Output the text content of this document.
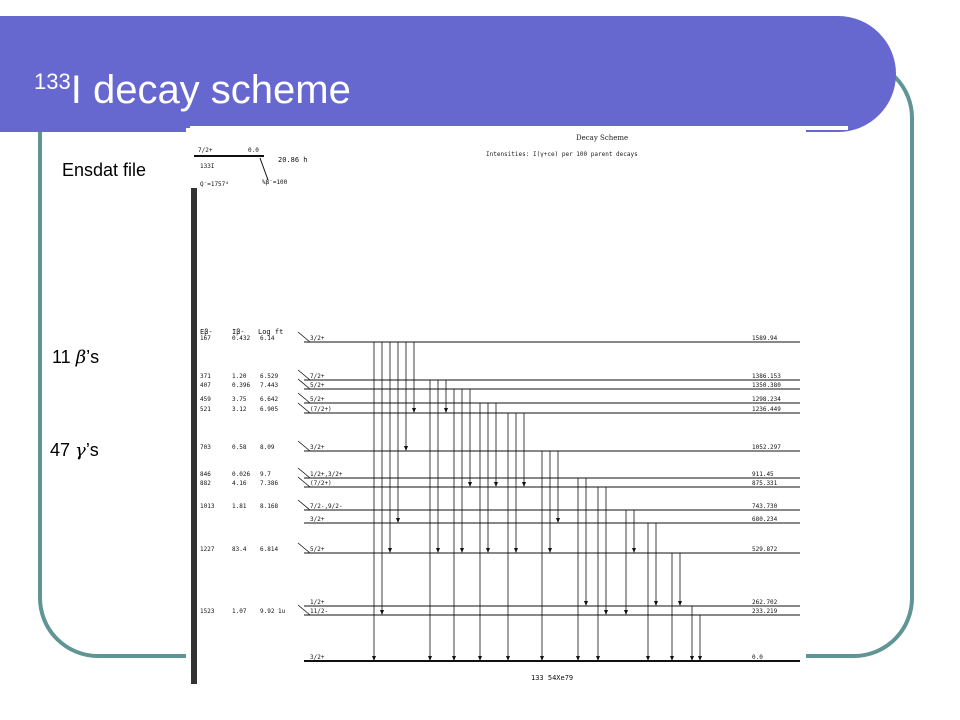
$^{133}$I decay scheme
Ensdat file
11 β’s
47 γ’s
Decay Scheme
Intensities: I(γ+ce) per 100 parent decays
7/2+	0.0
20.86 h
133I
Q⁻=1757⁴	%β⁻=100
Eβ-	Iβ- Log ft
167	0.432 6.14
371	1.20 6.529
407	0.396 7.443
459	3.75 6.642
521	3.12 6.905
703	0.58 8.09
846	0.026 9.7
882	4.16 7.386
1013	1.81 8.168
1227	83.4 6.814
1523	1.07 9.92 1u
3/2+	1589.94
7/2+	1386.153
5/2+	1350.380
5/2+	1298.234
(7/2+)	1236.449
3/2+	1052.297
1/2+,3/2+	911.45
(7/2+)	875.331
7/2-,9/2-	743.730
3/2+	680.234
5/2+	529.872
1/2+	262.702
11/2-	233.219
3/2+	0.0
133 54Xe79
